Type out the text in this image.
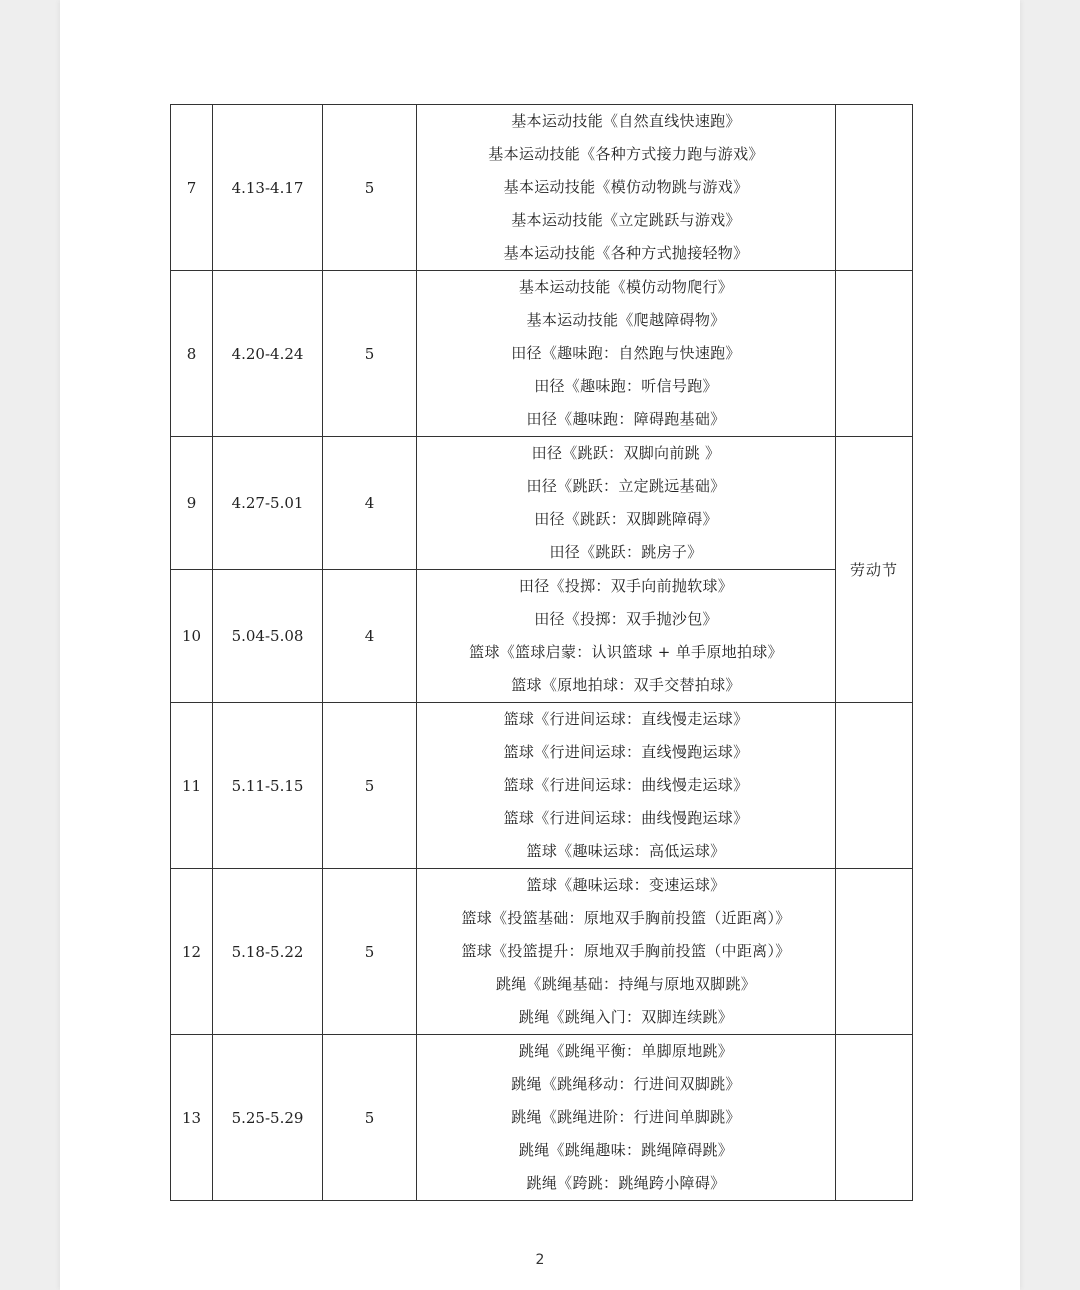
7	4.13-4.17	5	基本运动技能《自然直线快速跑》
基本运动技能《各种方式接力跑与游戏》
基本运动技能《模仿动物跳与游戏》
基本运动技能《立定跳跃与游戏》
基本运动技能《各种方式抛接轻物》	

8	4.20-4.24	5	基本运动技能《模仿动物爬行》
基本运动技能《爬越障碍物》
田径《趣味跑：自然跑与快速跑》
田径《趣味跑：听信号跑》
田径《趣味跑：障碍跑基础》	

9	4.27-5.01	4	田径《跳跃：双脚向前跳 》
田径《跳跃：立定跳远基础》
田径《跳跃：双脚跳障碍》
田径《跳跃：跳房子》	劳动节
10	5.04-5.08	4	田径《投掷：双手向前抛软球》
田径《投掷：双手抛沙包》
篮球《篮球启蒙：认识篮球 + 单手原地拍球》
篮球《原地拍球：双手交替拍球》	

11	5.11-5.15	5	篮球《行进间运球：直线慢走运球》
篮球《行进间运球：直线慢跑运球》
篮球《行进间运球：曲线慢走运球》
篮球《行进间运球：曲线慢跑运球》
篮球《趣味运球：高低运球》	

12	5.18-5.22	5	篮球《趣味运球：变速运球》
篮球《投篮基础：原地双手胸前投篮（近距离）》
篮球《投篮提升：原地双手胸前投篮（中距离）》
跳绳《跳绳基础：持绳与原地双脚跳》
跳绳《跳绳入门：双脚连续跳》	

13	5.25-5.29	5	跳绳《跳绳平衡：单脚原地跳》
跳绳《跳绳移动：行进间双脚跳》
跳绳《跳绳进阶：行进间单脚跳》
跳绳《跳绳趣味：跳绳障碍跳》
跳绳《跨跳：跳绳跨小障碍》	

2
